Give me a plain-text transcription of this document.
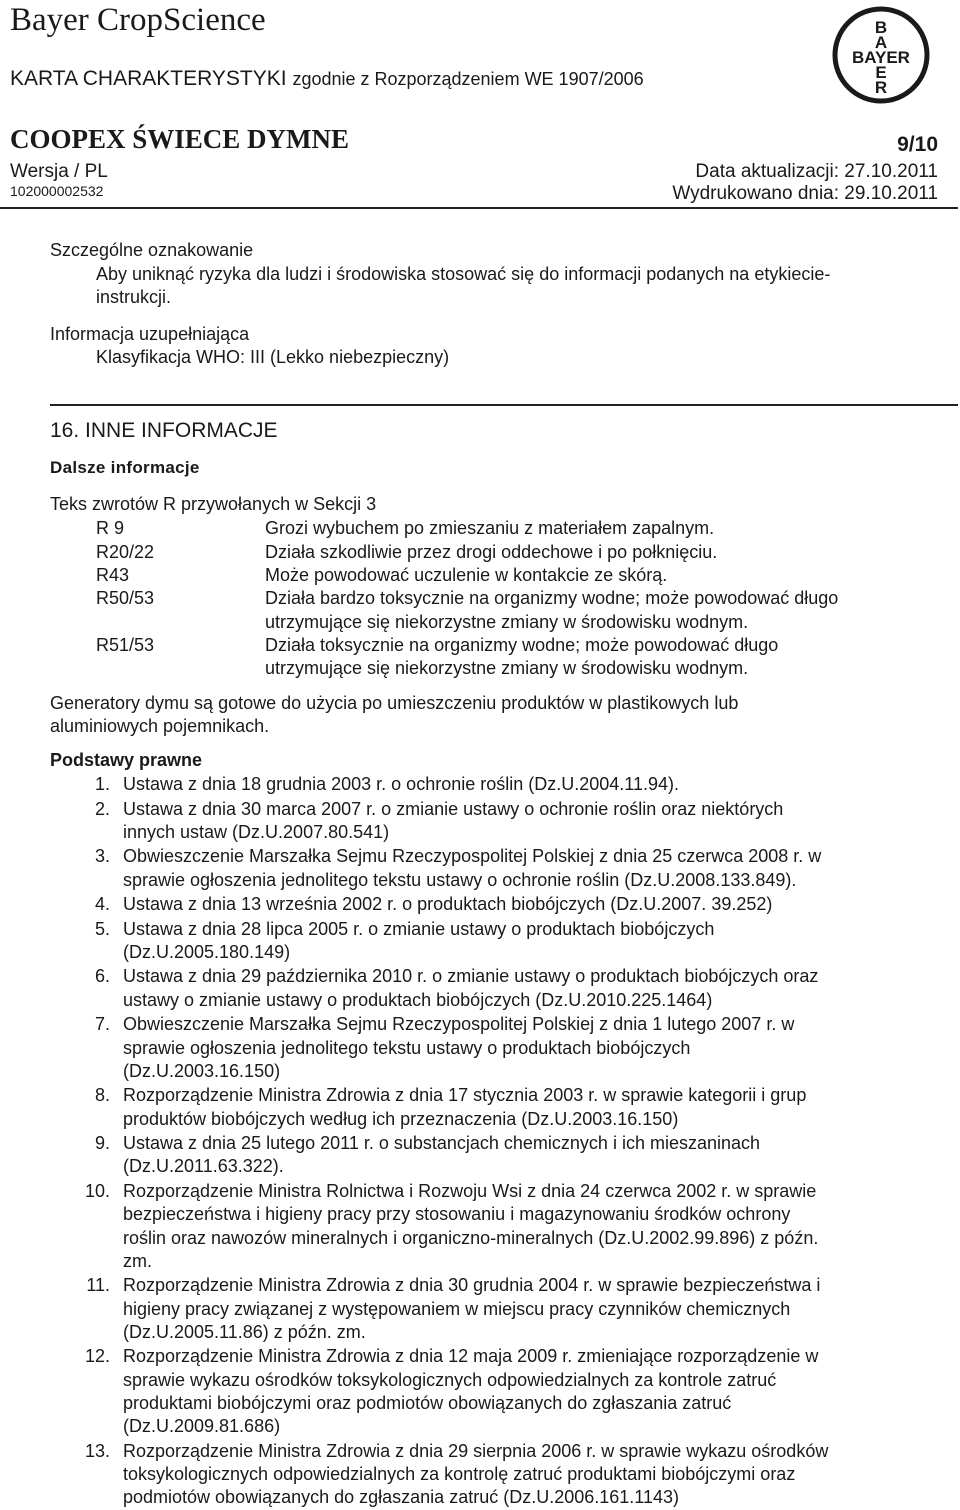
Bayer CropScience
KARTA CHARAKTERYSTYKI zgodnie z Rozporządzeniem WE 1907/2006
COOPEX ŚWIECE DYMNE	9/10
Wersja / PL	Data aktualizacji: 27.10.2011
102000002532	Wydrukowano dnia: 29.10.2011
B
A
BAYER
E
R
Szczególne oznakowanie
Aby uniknąć ryzyka dla ludzi i środowiska stosować się do informacji podanych na etykiecie-
instrukcji.
Informacja uzupełniająca
Klasyfikacja WHO: III (Lekko niebezpieczny)
16. INNE INFORMACJE
Dalsze informacje
Teks zwrotów R przywołanych w Sekcji 3
R 9	Grozi wybuchem po zmieszaniu z materiałem zapalnym.
R20/22	Działa szkodliwie przez drogi oddechowe i po połknięciu.
R43	Może powodować uczulenie w kontakcie ze skórą.
R50/53	Działa bardzo toksycznie na organizmy wodne; może powodować długo
utrzymujące się niekorzystne zmiany w środowisku wodnym.
R51/53	Działa toksycznie na organizmy wodne; może powodować długo
utrzymujące się niekorzystne zmiany w środowisku wodnym.
Generatory dymu są gotowe do użycia po umieszczeniu produktów w plastikowych lub
aluminiowych pojemnikach.
Podstawy prawne
1. Ustawa z dnia 18 grudnia 2003 r. o ochronie roślin (Dz.U.2004.11.94).
2. Ustawa z dnia 30 marca 2007 r. o zmianie ustawy o ochronie roślin oraz niektórych
innych ustaw (Dz.U.2007.80.541)
3. Obwieszczenie Marszałka Sejmu Rzeczypospolitej Polskiej z dnia 25 czerwca 2008 r. w
sprawie ogłoszenia jednolitego tekstu ustawy o ochronie roślin (Dz.U.2008.133.849).
4. Ustawa z dnia 13 września 2002 r. o produktach biobójczych (Dz.U.2007. 39.252)
5. Ustawa z dnia 28 lipca 2005 r. o zmianie ustawy o produktach biobójczych
(Dz.U.2005.180.149)
6. Ustawa z dnia 29 października 2010 r. o zmianie ustawy o produktach biobójczych oraz
ustawy o zmianie ustawy o produktach biobójczych (Dz.U.2010.225.1464)
7. Obwieszczenie Marszałka Sejmu Rzeczypospolitej Polskiej z dnia 1 lutego 2007 r. w
sprawie ogłoszenia jednolitego tekstu ustawy o produktach biobójczych
(Dz.U.2003.16.150)
8. Rozporządzenie Ministra Zdrowia z dnia 17 stycznia 2003 r. w sprawie kategorii i grup
produktów biobójczych według ich przeznaczenia (Dz.U.2003.16.150)
9. Ustawa z dnia 25 lutego 2011 r. o substancjach chemicznych i ich mieszaninach
(Dz.U.2011.63.322).
10. Rozporządzenie Ministra Rolnictwa i Rozwoju Wsi z dnia 24 czerwca 2002 r. w sprawie
bezpieczeństwa i higieny pracy przy stosowaniu i magazynowaniu środków ochrony
roślin oraz nawozów mineralnych i organiczno-mineralnych (Dz.U.2002.99.896) z późn.
zm.
11. Rozporządzenie Ministra Zdrowia z dnia 30 grudnia 2004 r. w sprawie bezpieczeństwa i
higieny pracy związanej z występowaniem w miejscu pracy czynników chemicznych
(Dz.U.2005.11.86) z późn. zm.
12. Rozporządzenie Ministra Zdrowia z dnia 12 maja 2009 r. zmieniające rozporządzenie w
sprawie wykazu ośrodków toksykologicznych odpowiedzialnych za kontrole zatruć
produktami biobójczymi oraz podmiotów obowiązanych do zgłaszania zatruć
(Dz.U.2009.81.686)
13. Rozporządzenie Ministra Zdrowia z dnia 29 sierpnia 2006 r. w sprawie wykazu ośrodków
toksykologicznych odpowiedzialnych za kontrolę zatruć produktami biobójczymi oraz
podmiotów obowiązanych do zgłaszania zatruć (Dz.U.2006.161.1143)
